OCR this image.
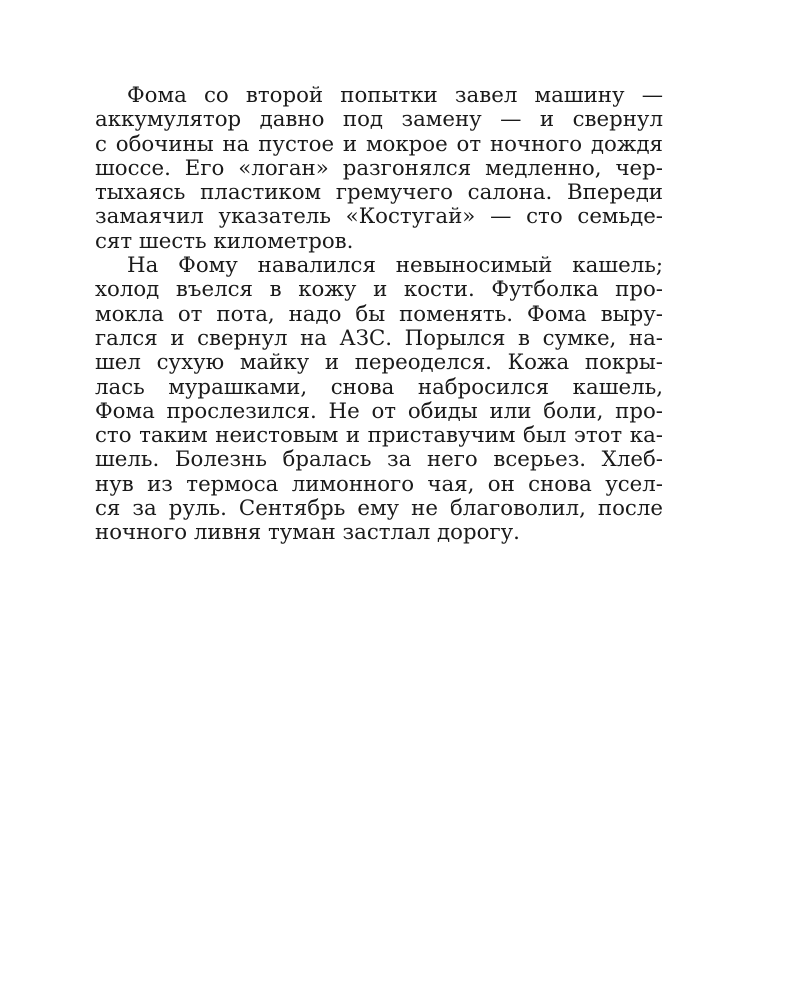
Фома со второй попытки завел машину —
аккумулятор давно под замену — и свернул
с обочины на пустое и мокрое от ночного дождя
шоссе. Его «логан» разгонялся медленно, чер-
тыхаясь пластиком гремучего салона. Впереди
замаячил указатель «Костугай» — сто семьде-
сят шесть километров.
На Фому навалился невыносимый кашель;
холод въелся в кожу и кости. Футболка про-
мокла от пота, надо бы поменять. Фома выру-
гался и свернул на АЗС. Порылся в сумке, на-
шел сухую майку и переоделся. Кожа покры-
лась мурашками, снова набросился кашель,
Фома прослезился. Не от обиды или боли, про-
сто таким неистовым и приставучим был этот ка-
шель. Болезнь бралась за него всерьез. Хлеб-
нув из термоса лимонного чая, он снова усел-
ся за руль. Сентябрь ему не благоволил, после
ночного ливня туман застлал дорогу.
